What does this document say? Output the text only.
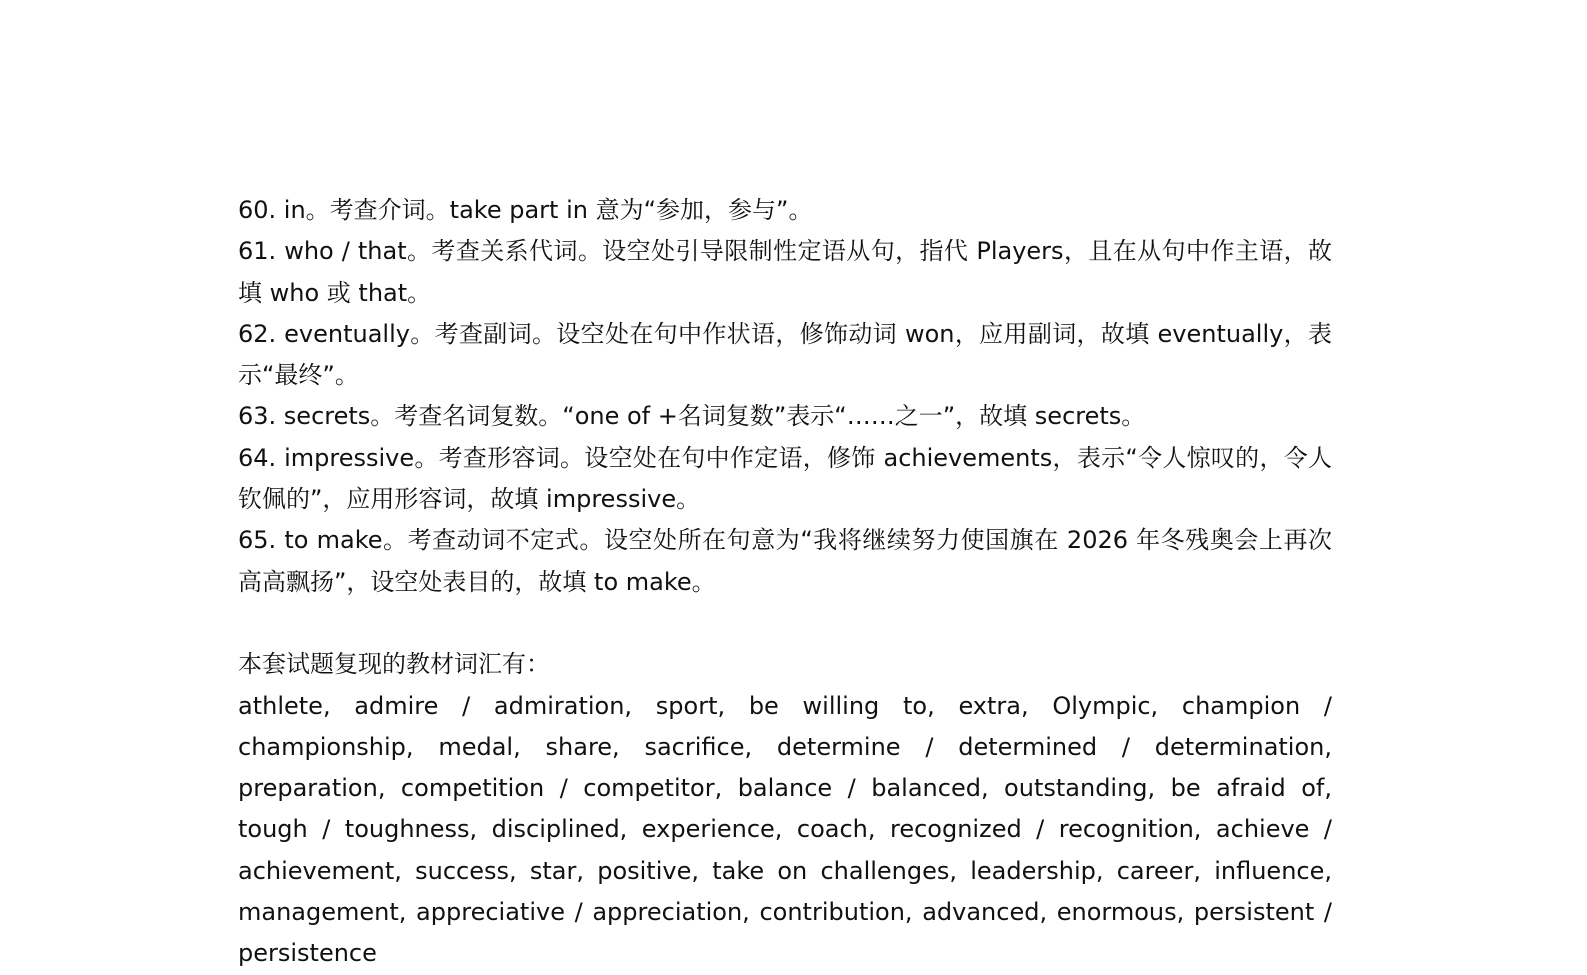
60. in。考查介词。take part in 意为“参加，参与”。

61. who / that。考查关系代词。设空处引导限制性定语从句，指代 Players，且在从句中作主语，故填 who 或 that。

62. eventually。考查副词。设空处在句中作状语，修饰动词 won，应用副词，故填 eventually，表示“最终”。

63. secrets。考查名词复数。“one of +名词复数”表示“……之一”，故填 secrets。

64. impressive。考查形容词。设空处在句中作定语，修饰 achievements，表示“令人惊叹的，令人钦佩的”，应用形容词，故填 impressive。

65. to make。考查动词不定式。设空处所在句意为“我将继续努力使国旗在 2026 年冬残奥会上再次高高飘扬”，设空处表目的，故填 to make。

本套试题复现的教材词汇有：

athlete, admire / admiration, sport, be willing to, extra, Olympic, champion / championship, medal, share, sacrifice, determine / determined / determination, preparation, competition / competitor, balance / balanced, outstanding, be afraid of, tough / toughness, disciplined, experience, coach, recognized / recognition, achieve / achievement, success, star, positive, take on challenges, leadership, career, influence, management, appreciative / appreciation, contribution, advanced, enormous, persistent / persistence
